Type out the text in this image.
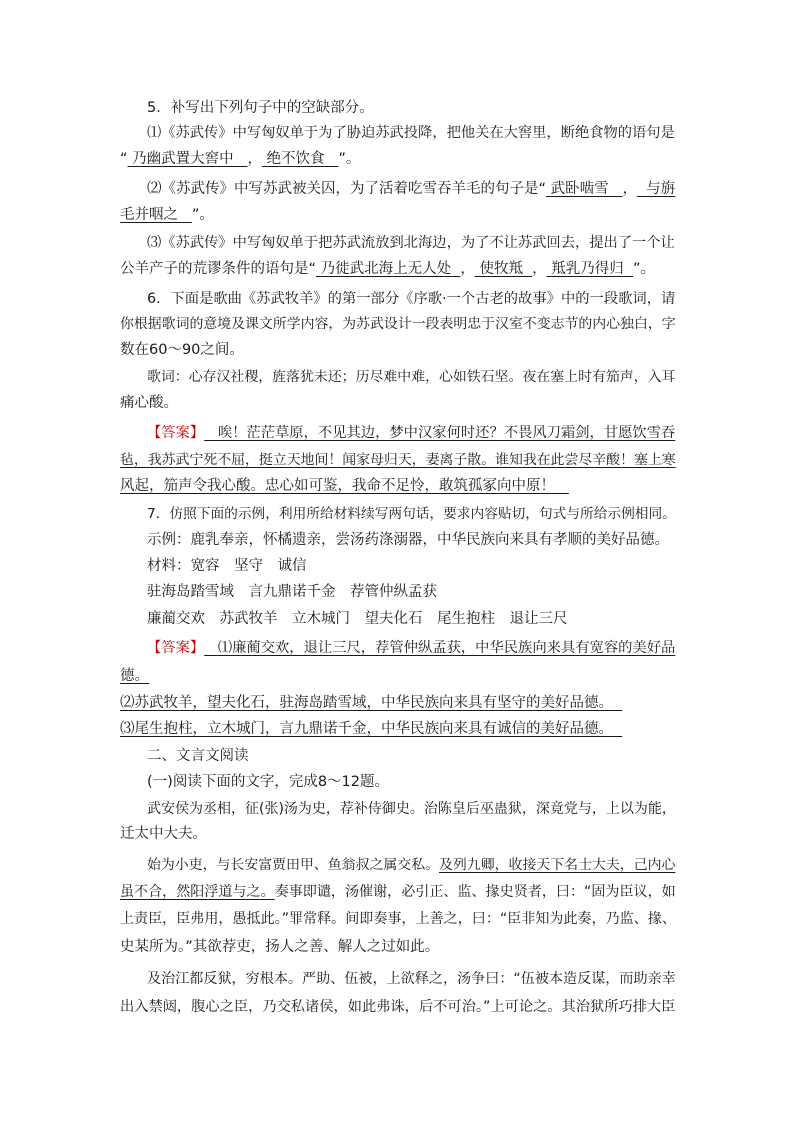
5．补写出下列句子中的空缺部分。
⑴《苏武传》中写匈奴单于为了胁迫苏武投降，把他关在大窖里，断绝食物的语句是
“ 乃幽武置大窖中 ， 绝不饮食 ”。
⑵《苏武传》中写苏武被关囚，为了活着吃雪吞羊毛的句子是“ 武卧啮雪 ， 与旃
毛并咽之 ”。
⑶《苏武传》中写匈奴单于把苏武流放到北海边，为了不让苏武回去，提出了一个让
公羊产子的荒谬条件的语句是“ 乃徙武北海上无人处 ， 使牧羝 ， 羝乳乃得归 ”。
6．下面是歌曲《苏武牧羊》的第一部分《序歌·一个古老的故事》中的一段歌词，请
你根据歌词的意境及课文所学内容，为苏武设计一段表明忠于汉室不变志节的内心独白，字
数在60～90之间。
歌词：心存汉社稷，旌落犹未还；历尽难中难，心如铁石坚。夜在塞上时有笳声，入耳
痛心酸。
【答案】 唉！茫茫草原，不见其边，梦中汉家何时还？不畏风刀霜剑，甘愿饮雪吞
毡，我苏武宁死不屈，挺立天地间！闻家母归天，妻离子散。谁知我在此尝尽辛酸！塞上寒
风起，笳声令我心酸。忠心如可鉴，我命不足怜，敢筑孤冢向中原！
7．仿照下面的示例，利用所给材料续写两句话，要求内容贴切，句式与所给示例相同。
示例：鹿乳奉亲，怀橘遗亲，尝汤药涤溺器，中华民族向来具有孝顺的美好品德。
材料：宽容　坚守　诚信
驻海岛踏雪域　言九鼎诺千金　荐管仲纵孟获
廉蔺交欢　苏武牧羊　立木城门　望夫化石　尾生抱柱　退让三尺
【答案】 ⑴廉蔺交欢，退让三尺，荐管仲纵孟获，中华民族向来具有宽容的美好品
德。
⑵苏武牧羊，望夫化石，驻海岛踏雪域，中华民族向来具有坚守的美好品德。
⑶尾生抱柱，立木城门，言九鼎诺千金，中华民族向来具有诚信的美好品德。
二、文言文阅读
(一)阅读下面的文字，完成8～12题。
武安侯为丞相，征(张)汤为史，荐补侍御史。治陈皇后巫蛊狱，深竟党与，上以为能，
迁太中大夫。
始为小吏，与长安富贾田甲、鱼翁叔之属交私。及列九卿，收接天下名士大夫，己内心
虽不合，然阳浮道与之。奏事即谴，汤催谢，必引正、监、掾史贤者，曰：“固为臣议，如
上责臣，臣弗用，愚抵此。”罪常释。间即奏事，上善之，曰：“臣非知为此奏，乃监、掾、
史某所为。”其欲荐吏，扬人之善、解人之过如此。
及治江都反狱，穷根本。严助、伍被，上欲释之，汤争曰：“伍被本造反谋，而助亲幸
出入禁闼，腹心之臣，乃交私诸侯，如此弗诛，后不可治。”上可论之。其治狱所巧排大臣
